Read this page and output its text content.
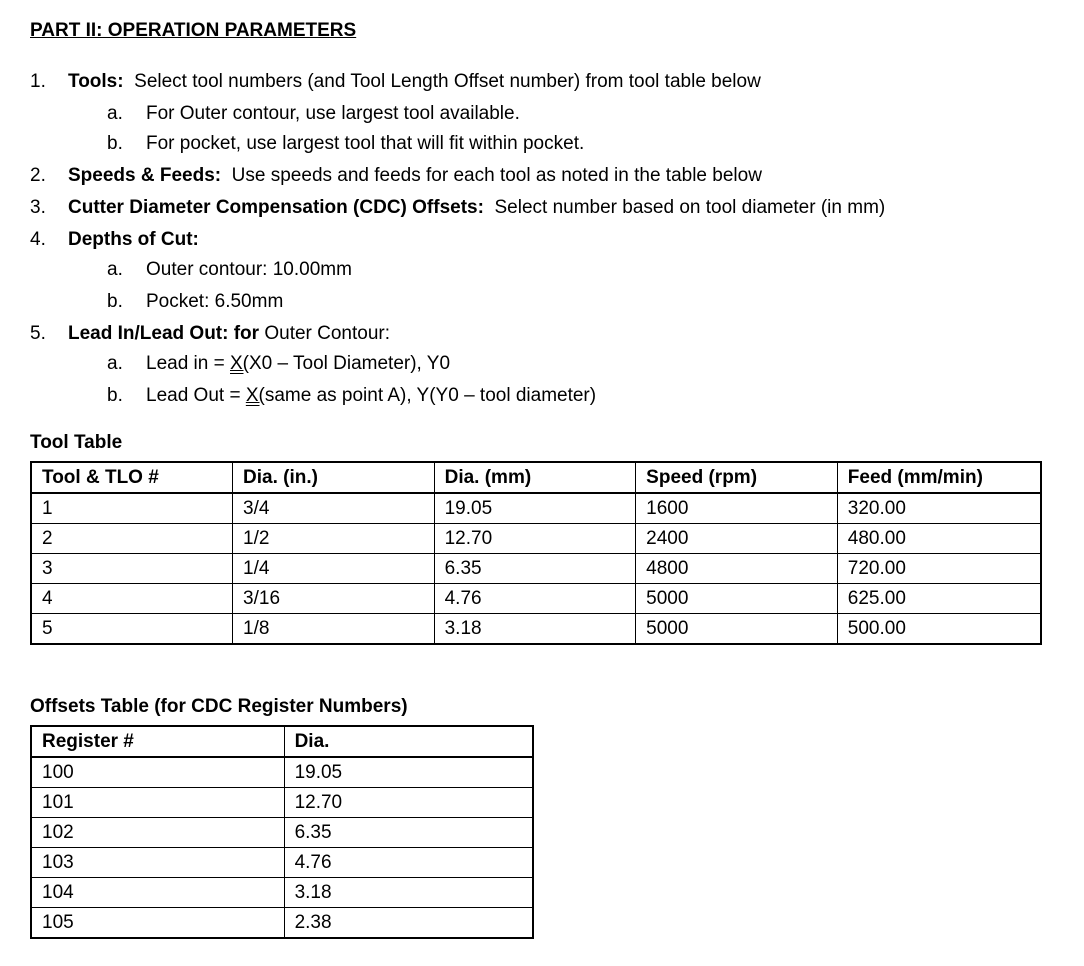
PART II: OPERATION PARAMETERS
1. Tools: Select tool numbers (and Tool Length Offset number) from tool table below
a. For Outer contour, use largest tool available.
b. For pocket, use largest tool that will fit within pocket.
2. Speeds & Feeds: Use speeds and feeds for each tool as noted in the table below
3. Cutter Diameter Compensation (CDC) Offsets: Select number based on tool diameter (in mm)
4. Depths of Cut:
a. Outer contour: 10.00mm
b. Pocket: 6.50mm
5. Lead In/Lead Out: for Outer Contour:
a. Lead in = X(X0 – Tool Diameter), Y0
b. Lead Out = X(same as point A), Y(Y0 – tool diameter)
Tool Table
Tool & TLO #	Dia. (in.)	Dia. (mm)	Speed (rpm)	Feed (mm/min)
1	3/4	19.05	1600	320.00
2	1/2	12.70	2400	480.00
3	1/4	6.35	4800	720.00
4	3/16	4.76	5000	625.00
5	1/8	3.18	5000	500.00
Offsets Table (for CDC Register Numbers)
Register #	Dia.
100	19.05
101	12.70
102	6.35
103	4.76
104	3.18
105	2.38
